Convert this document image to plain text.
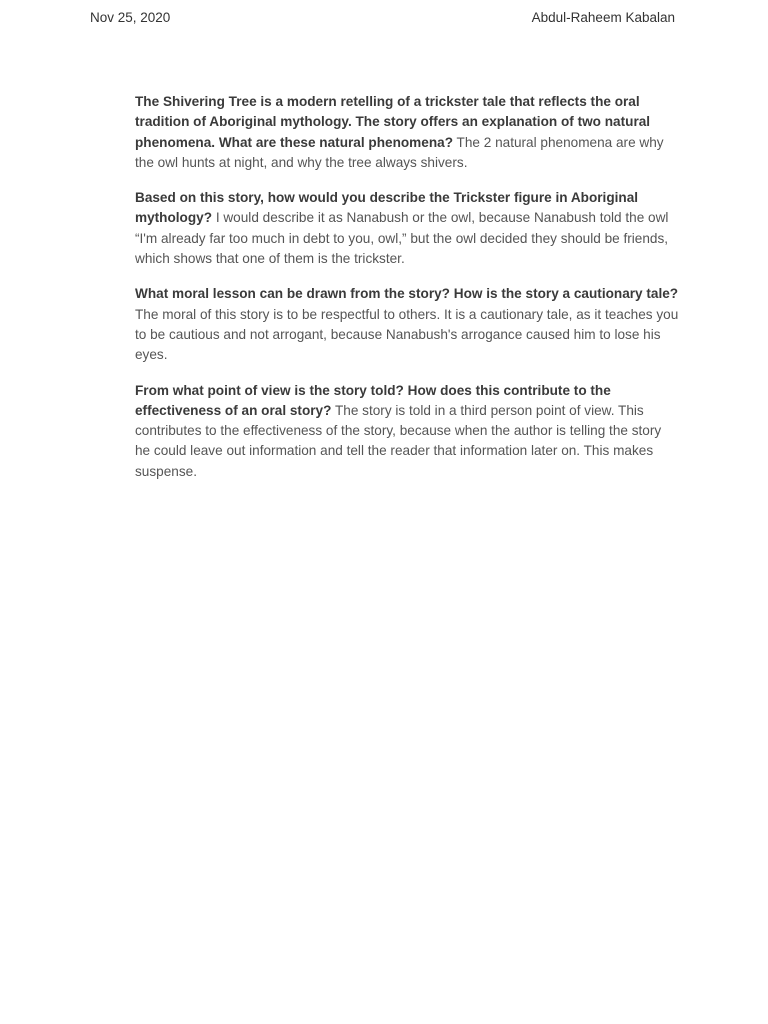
Nov 25, 2020	Abdul-Raheem Kabalan

The Shivering Tree is a modern retelling of a trickster tale that reflects the oral tradition of Aboriginal mythology. The story offers an explanation of two natural phenomena. What are these natural phenomena? The 2 natural phenomena are why the owl hunts at night, and why the tree always shivers.

Based on this story, how would you describe the Trickster figure in Aboriginal mythology? I would describe it as Nanabush or the owl, because Nanabush told the owl “I'm already far too much in debt to you, owl,” but the owl decided they should be friends, which shows that one of them is the trickster.

What moral lesson can be drawn from the story? How is the story a cautionary tale? The moral of this story is to be respectful to others. It is a cautionary tale, as it teaches you to be cautious and not arrogant, because Nanabush's arrogance caused him to lose his eyes.

From what point of view is the story told? How does this contribute to the effectiveness of an oral story? The story is told in a third person point of view. This contributes to the effectiveness of the story, because when the author is telling the story he could leave out information and tell the reader that information later on. This makes suspense.
